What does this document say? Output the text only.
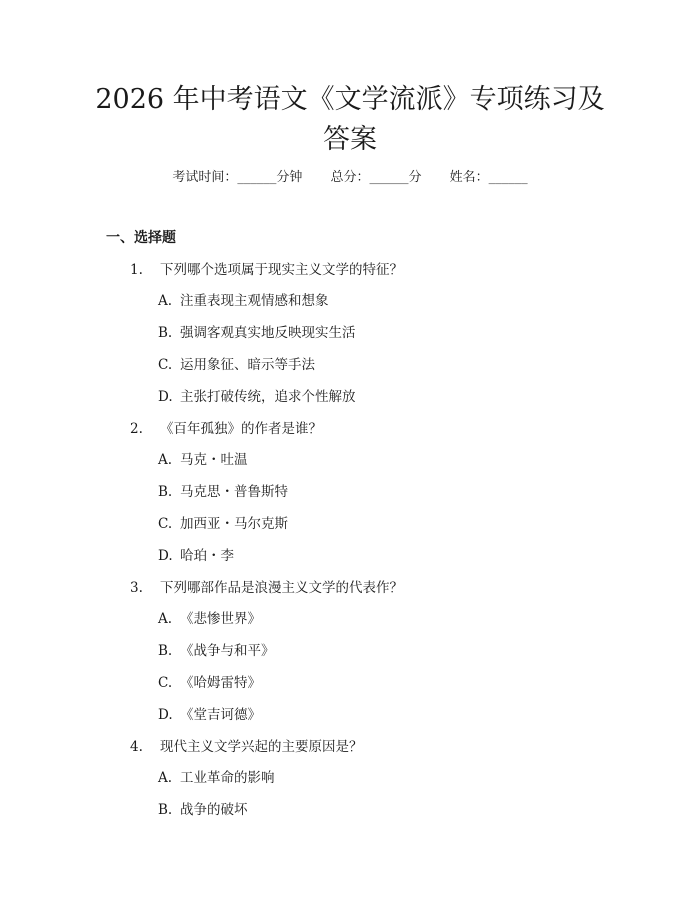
2026 年中考语文《文学流派》专项练习及答案
考试时间：______分钟 总分：______分 姓名：______
一、选择题
1. 下列哪个选项属于现实主义文学的特征？
A. 注重表现主观情感和想象
B. 强调客观真实地反映现实生活
C. 运用象征、暗示等手法
D. 主张打破传统，追求个性解放
2. 《百年孤独》的作者是谁？
A. 马克・吐温
B. 马克思・普鲁斯特
C. 加西亚・马尔克斯
D. 哈珀・李
3. 下列哪部作品是浪漫主义文学的代表作？
A. 《悲惨世界》
B. 《战争与和平》
C. 《哈姆雷特》
D. 《堂吉诃德》
4. 现代主义文学兴起的主要原因是？
A. 工业革命的影响
B. 战争的破坏
